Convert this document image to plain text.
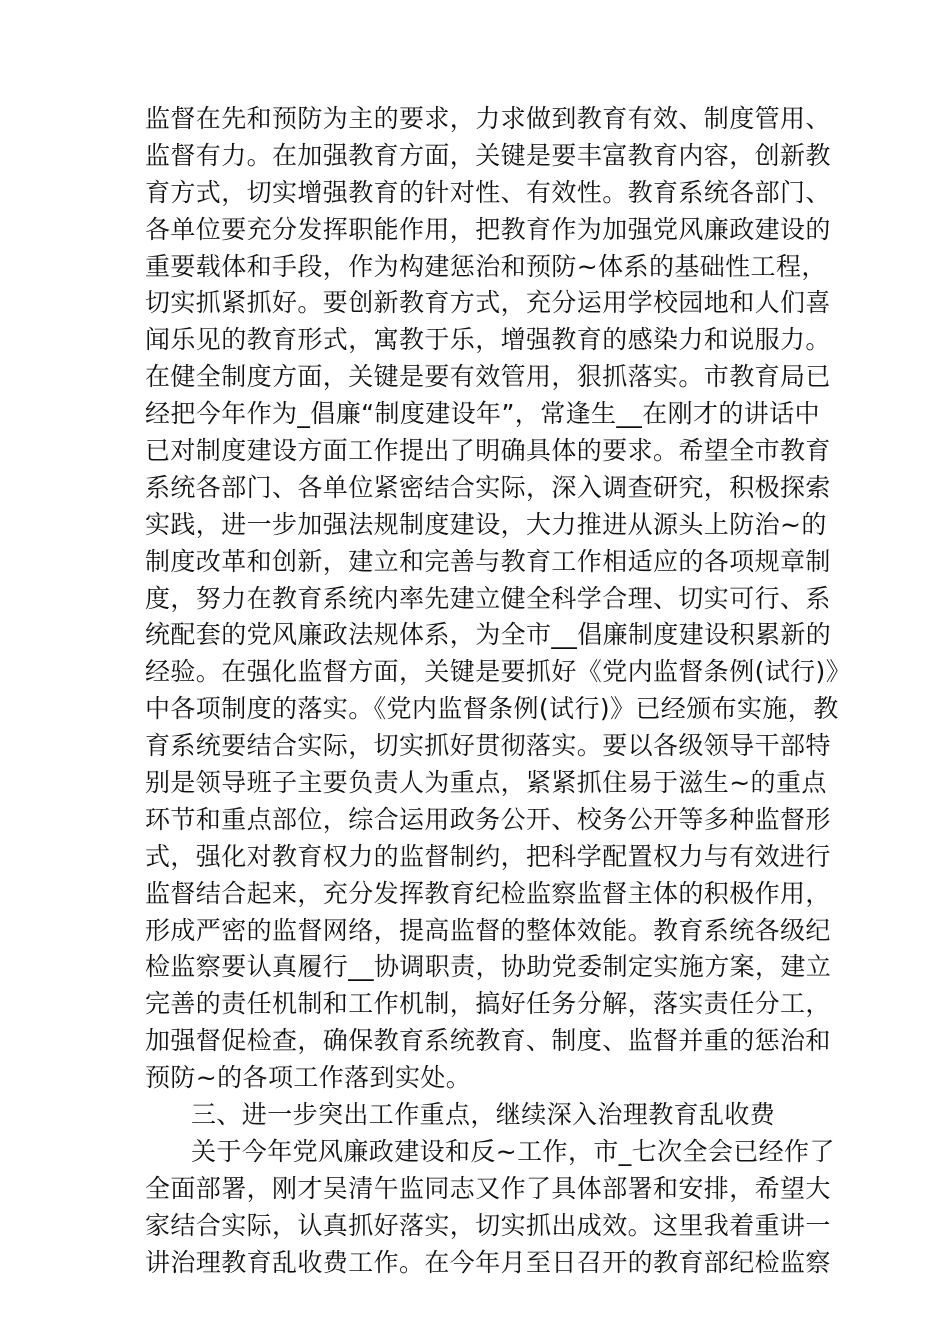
监督在先和预防为主的要求，力求做到教育有效、制度管用、
监督有力。在加强教育方面，关键是要丰富教育内容，创新教
育方式，切实增强教育的针对性、有效性。教育系统各部门、
各单位要充分发挥职能作用，把教育作为加强党风廉政建设的
重要载体和手段，作为构建惩治和预防~体系的基础性工程，
切实抓紧抓好。要创新教育方式，充分运用学校园地和人们喜
闻乐见的教育形式，寓教于乐，增强教育的感染力和说服力。
在健全制度方面，关键是要有效管用，狠抓落实。市教育局已
经把今年作为_倡廉“制度建设年”，常逢生__在刚才的讲话中
已对制度建设方面工作提出了明确具体的要求。希望全市教育
系统各部门、各单位紧密结合实际，深入调查研究，积极探索
实践，进一步加强法规制度建设，大力推进从源头上防治~的
制度改革和创新，建立和完善与教育工作相适应的各项规章制
度，努力在教育系统内率先建立健全科学合理、切实可行、系
统配套的党风廉政法规体系，为全市__倡廉制度建设积累新的
经验。在强化监督方面，关键是要抓好《党内监督条例(试行)》
中各项制度的落实。《党内监督条例(试行)》已经颁布实施，教
育系统要结合实际，切实抓好贯彻落实。要以各级领导干部特
别是领导班子主要负责人为重点，紧紧抓住易于滋生~的重点
环节和重点部位，综合运用政务公开、校务公开等多种监督形
式，强化对教育权力的监督制约，把科学配置权力与有效进行
监督结合起来，充分发挥教育纪检监察监督主体的积极作用，
形成严密的监督网络，提高监督的整体效能。教育系统各级纪
检监察要认真履行__协调职责，协助党委制定实施方案，建立
完善的责任机制和工作机制，搞好任务分解，落实责任分工，
加强督促检查，确保教育系统教育、制度、监督并重的惩治和
预防~的各项工作落到实处。
三、进一步突出工作重点，继续深入治理教育乱收费
关于今年党风廉政建设和反~工作，市_七次全会已经作了
全面部署，刚才吴清午监同志又作了具体部署和安排，希望大
家结合实际，认真抓好落实，切实抓出成效。这里我着重讲一
讲治理教育乱收费工作。在今年月至日召开的教育部纪检监察
